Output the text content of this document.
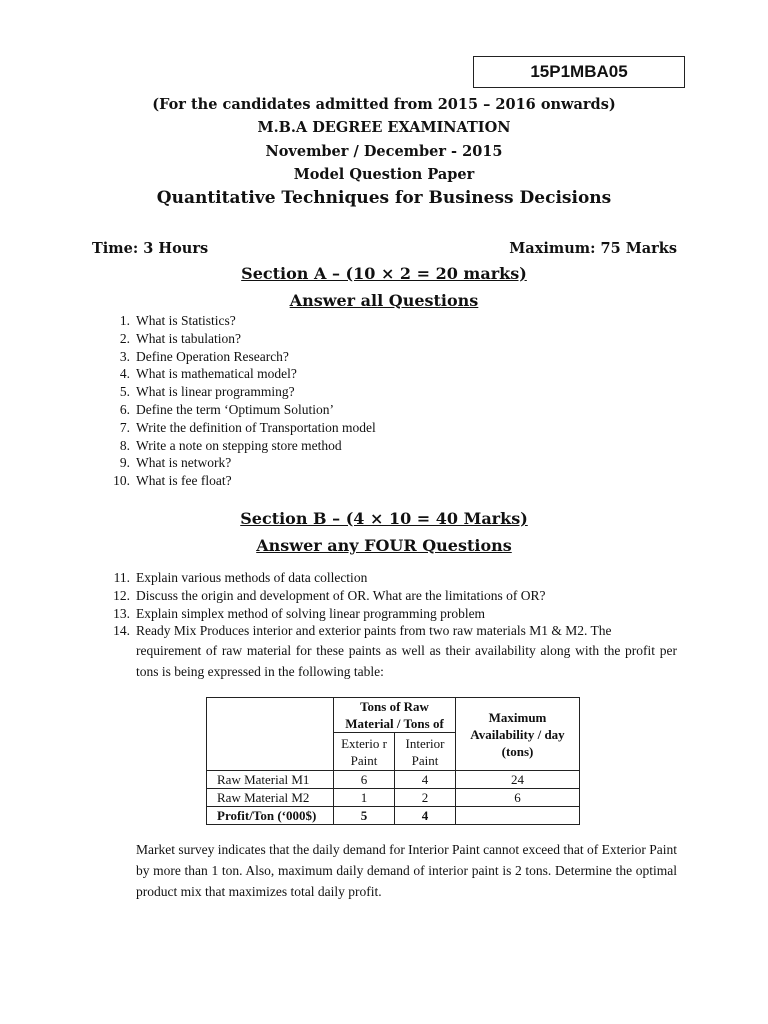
15P1MBA05
(For the candidates admitted from 2015 – 2016 onwards)
M.B.A DEGREE EXAMINATION
November / December - 2015
Model Question Paper
Quantitative Techniques for Business Decisions
Time: 3 Hours	Maximum: 75 Marks
Section A – (10 × 2 = 20 marks)
Answer all Questions
1. What is Statistics?
2. What is tabulation?
3. Define Operation Research?
4. What is mathematical model?
5. What is linear programming?
6. Define the term ‘Optimum Solution’
7. Write the definition of Transportation model
8. Write a note on stepping store method
9. What is network?
10. What is fee float?
Section B – (4 × 10 = 40 Marks)
Answer any FOUR Questions
11. Explain various methods of data collection
12. Discuss the origin and development of OR. What are the limitations of OR?
13. Explain simplex method of solving linear programming problem
14. Ready Mix Produces interior and exterior paints from two raw materials M1 & M2. The
requirement of raw material for these paints as well as their availability along with the profit per tons is being expressed in the following table:
	Tons of Raw Material / Tons of		Maximum Availability / day (tons)
	Exterio r Paint	Interior Paint	
Raw Material M1	6	4	24
Raw Material M2	1	2	6
Profit/Ton (‘000$)	5	4	
Market survey indicates that the daily demand for Interior Paint cannot exceed that of Exterior Paint by more than 1 ton. Also, maximum daily demand of interior paint is 2 tons. Determine the optimal product mix that maximizes total daily profit.
